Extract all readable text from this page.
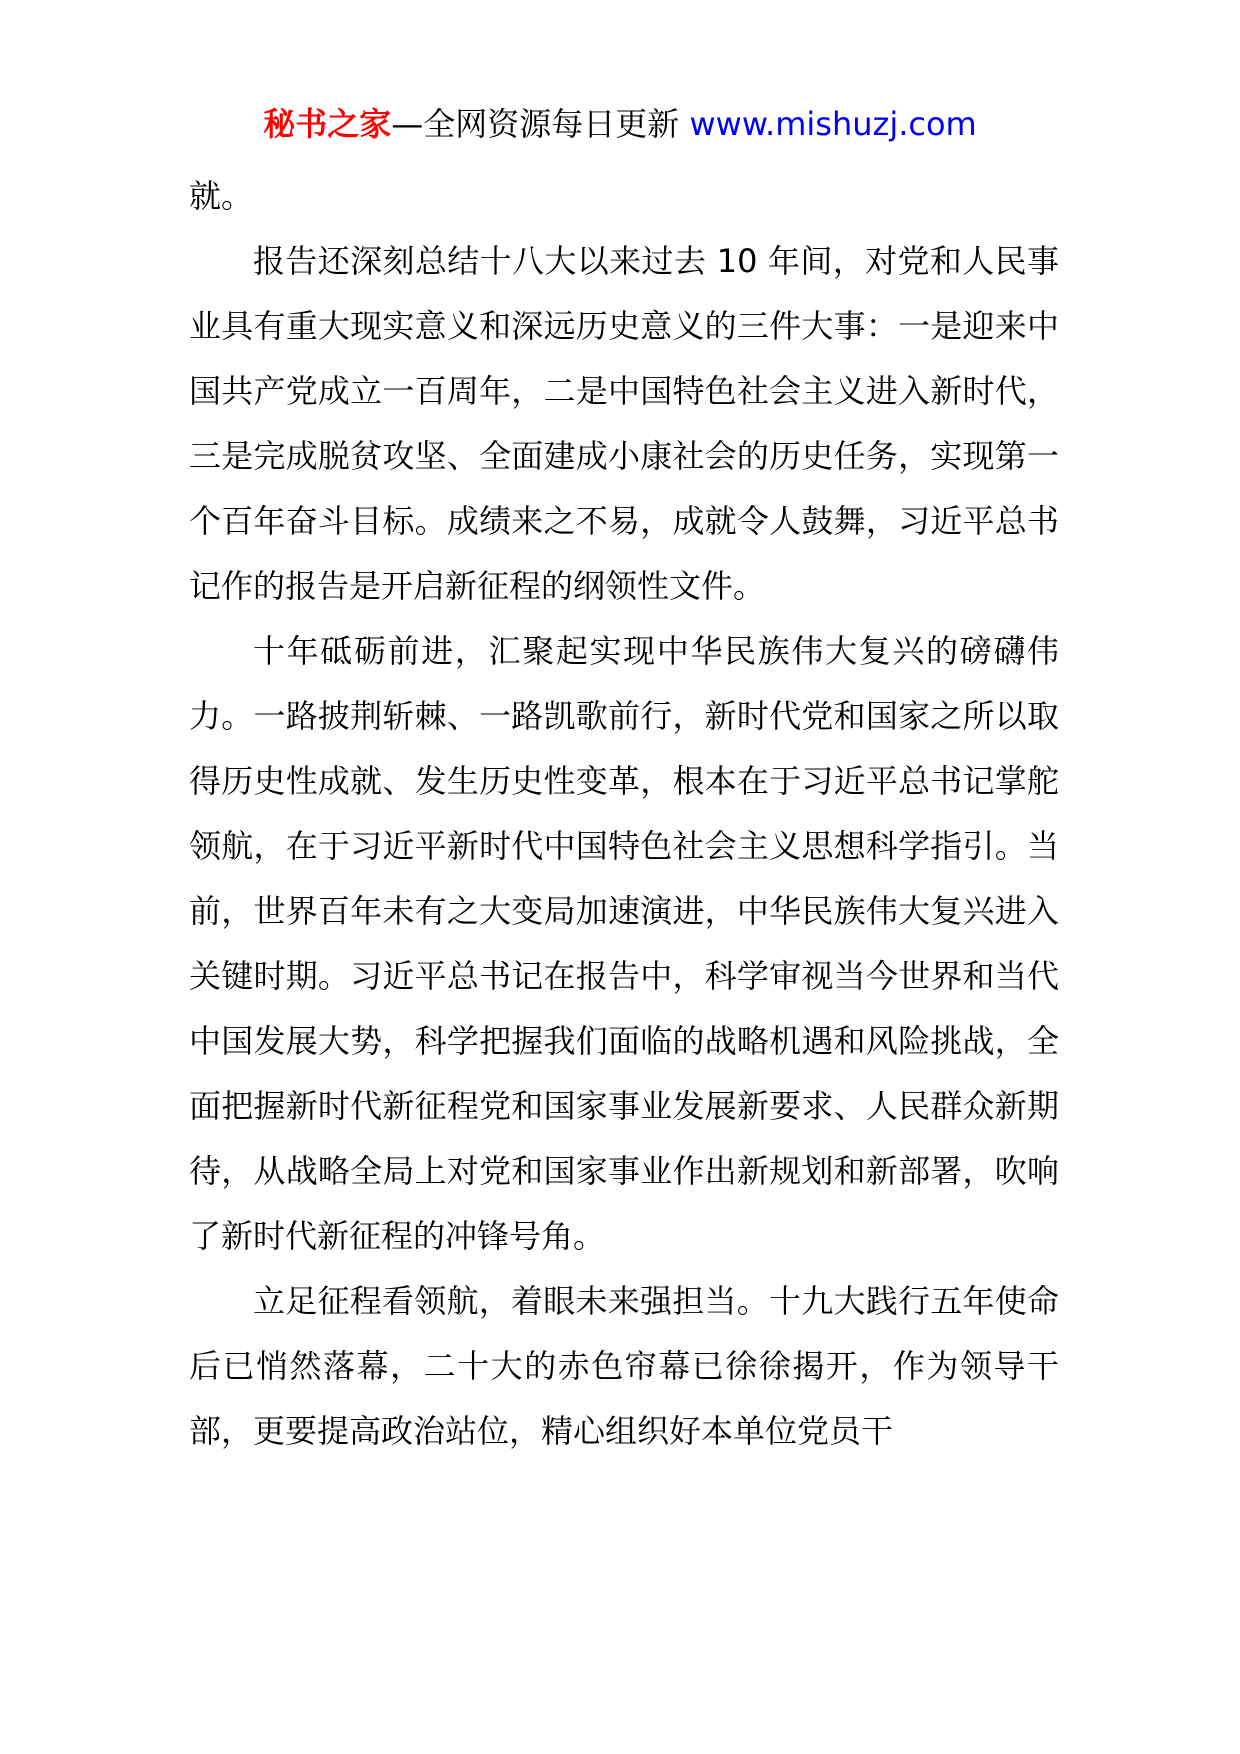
秘书之家—全网资源每日更新 www.mishuzj.com

就。

报告还深刻总结十八大以来过去 10 年间，对党和人民事业具有重大现实意义和深远历史意义的三件大事：一是迎来中国共产党成立一百周年，二是中国特色社会主义进入新时代，三是完成脱贫攻坚、全面建成小康社会的历史任务，实现第一个百年奋斗目标。成绩来之不易，成就令人鼓舞，习近平总书记作的报告是开启新征程的纲领性文件。

十年砥砺前进，汇聚起实现中华民族伟大复兴的磅礴伟力。一路披荆斩棘、一路凯歌前行，新时代党和国家之所以取得历史性成就、发生历史性变革，根本在于习近平总书记掌舵领航，在于习近平新时代中国特色社会主义思想科学指引。当前，世界百年未有之大变局加速演进，中华民族伟大复兴进入关键时期。习近平总书记在报告中，科学审视当今世界和当代中国发展大势，科学把握我们面临的战略机遇和风险挑战，全面把握新时代新征程党和国家事业发展新要求、人民群众新期待，从战略全局上对党和国家事业作出新规划和新部署，吹响了新时代新征程的冲锋号角。

立足征程看领航，着眼未来强担当。十九大践行五年使命后已悄然落幕，二十大的赤色帘幕已徐徐揭开，作为领导干部，更要提高政治站位，精心组织好本单位党员干
